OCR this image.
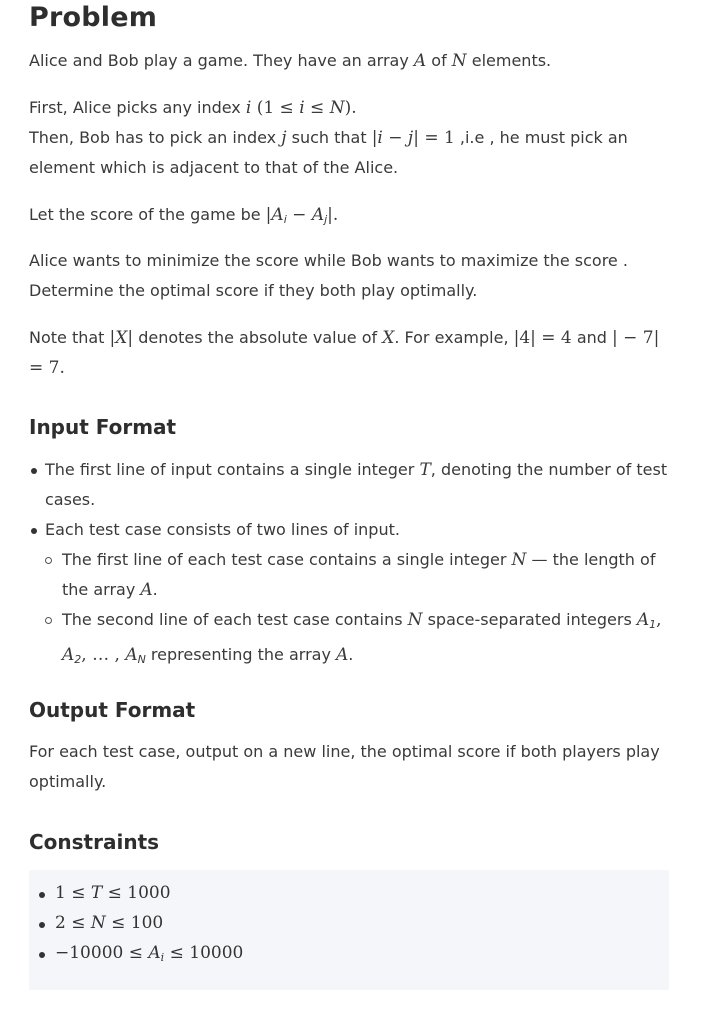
Problem

Alice and Bob play a game. They have an array A of N elements.

First, Alice picks any index i (1 ≤ i ≤ N).

Then, Bob has to pick an index j such that |i − j| = 1 ,i.e , he must pick an element which is adjacent to that of the Alice.

Let the score of the game be $|A_i - A_j|$.

Alice wants to minimize the score while Bob wants to maximize the score . Determine the optimal score if they both play optimally.

Note that |X| denotes the absolute value of X. For example, |4| = 4 and | − 7| = 7.

Input Format
The first line of input contains a single integer T, denoting the number of test cases.
Each test case consists of two lines of input.
The first line of each test case contains a single integer N — the length of the array A.
The second line of each test case contains N space-separated integers $A_1$, $A_2$, … , $A_N$ representing the array A.
Output Format

For each test case, output on a new line, the optimal score if both players play optimally.

Constraints
1 ≤ T ≤ 1000
2 ≤ N ≤ 100
$-10000 \le A_i \le 10000$
